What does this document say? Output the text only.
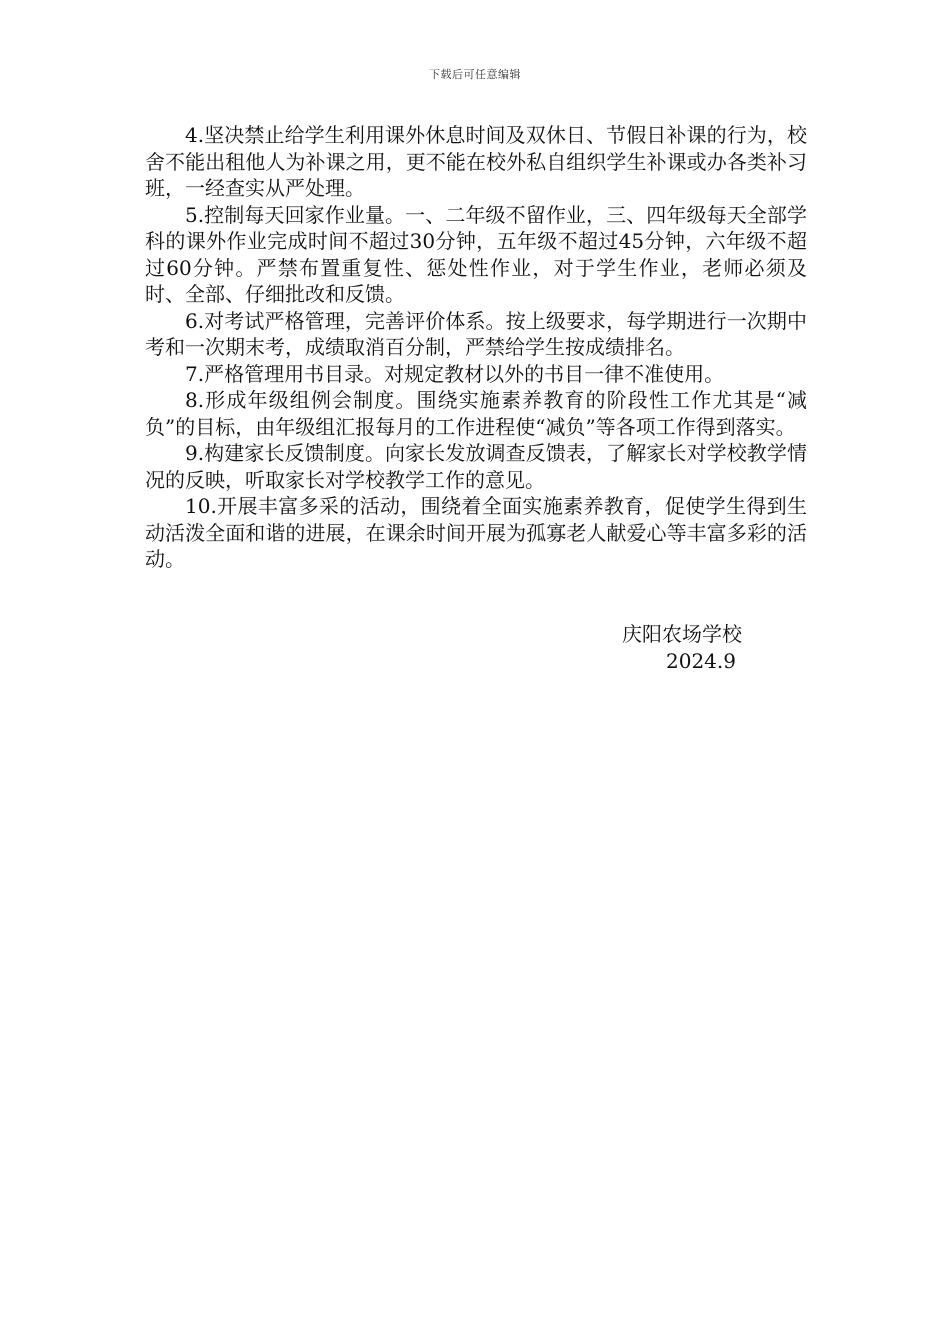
下载后可任意编辑

4.坚决禁止给学生利用课外休息时间及双休日、节假日补课的行为，校舍不能出租他人为补课之用，更不能在校外私自组织学生补课或办各类补习班，一经查实从严处理。

5.控制每天回家作业量。一、二年级不留作业，三、四年级每天全部学科的课外作业完成时间不超过30分钟，五年级不超过45分钟，六年级不超过60分钟。严禁布置重复性、惩处性作业，对于学生作业，老师必须及时、全部、仔细批改和反馈。

6.对考试严格管理，完善评价体系。按上级要求，每学期进行一次期中考和一次期末考，成绩取消百分制，严禁给学生按成绩排名。

7.严格管理用书目录。对规定教材以外的书目一律不准使用。

8.形成年级组例会制度。围绕实施素养教育的阶段性工作尤其是“减负”的目标，由年级组汇报每月的工作进程使“减负”等各项工作得到落实。

9.构建家长反馈制度。向家长发放调查反馈表，了解家长对学校教学情况的反映，听取家长对学校教学工作的意见。

10.开展丰富多采的活动，围绕着全面实施素养教育，促使学生得到生动活泼全面和谐的进展，在课余时间开展为孤寡老人献爱心等丰富多彩的活动。

庆阳农场学校
2024.9
